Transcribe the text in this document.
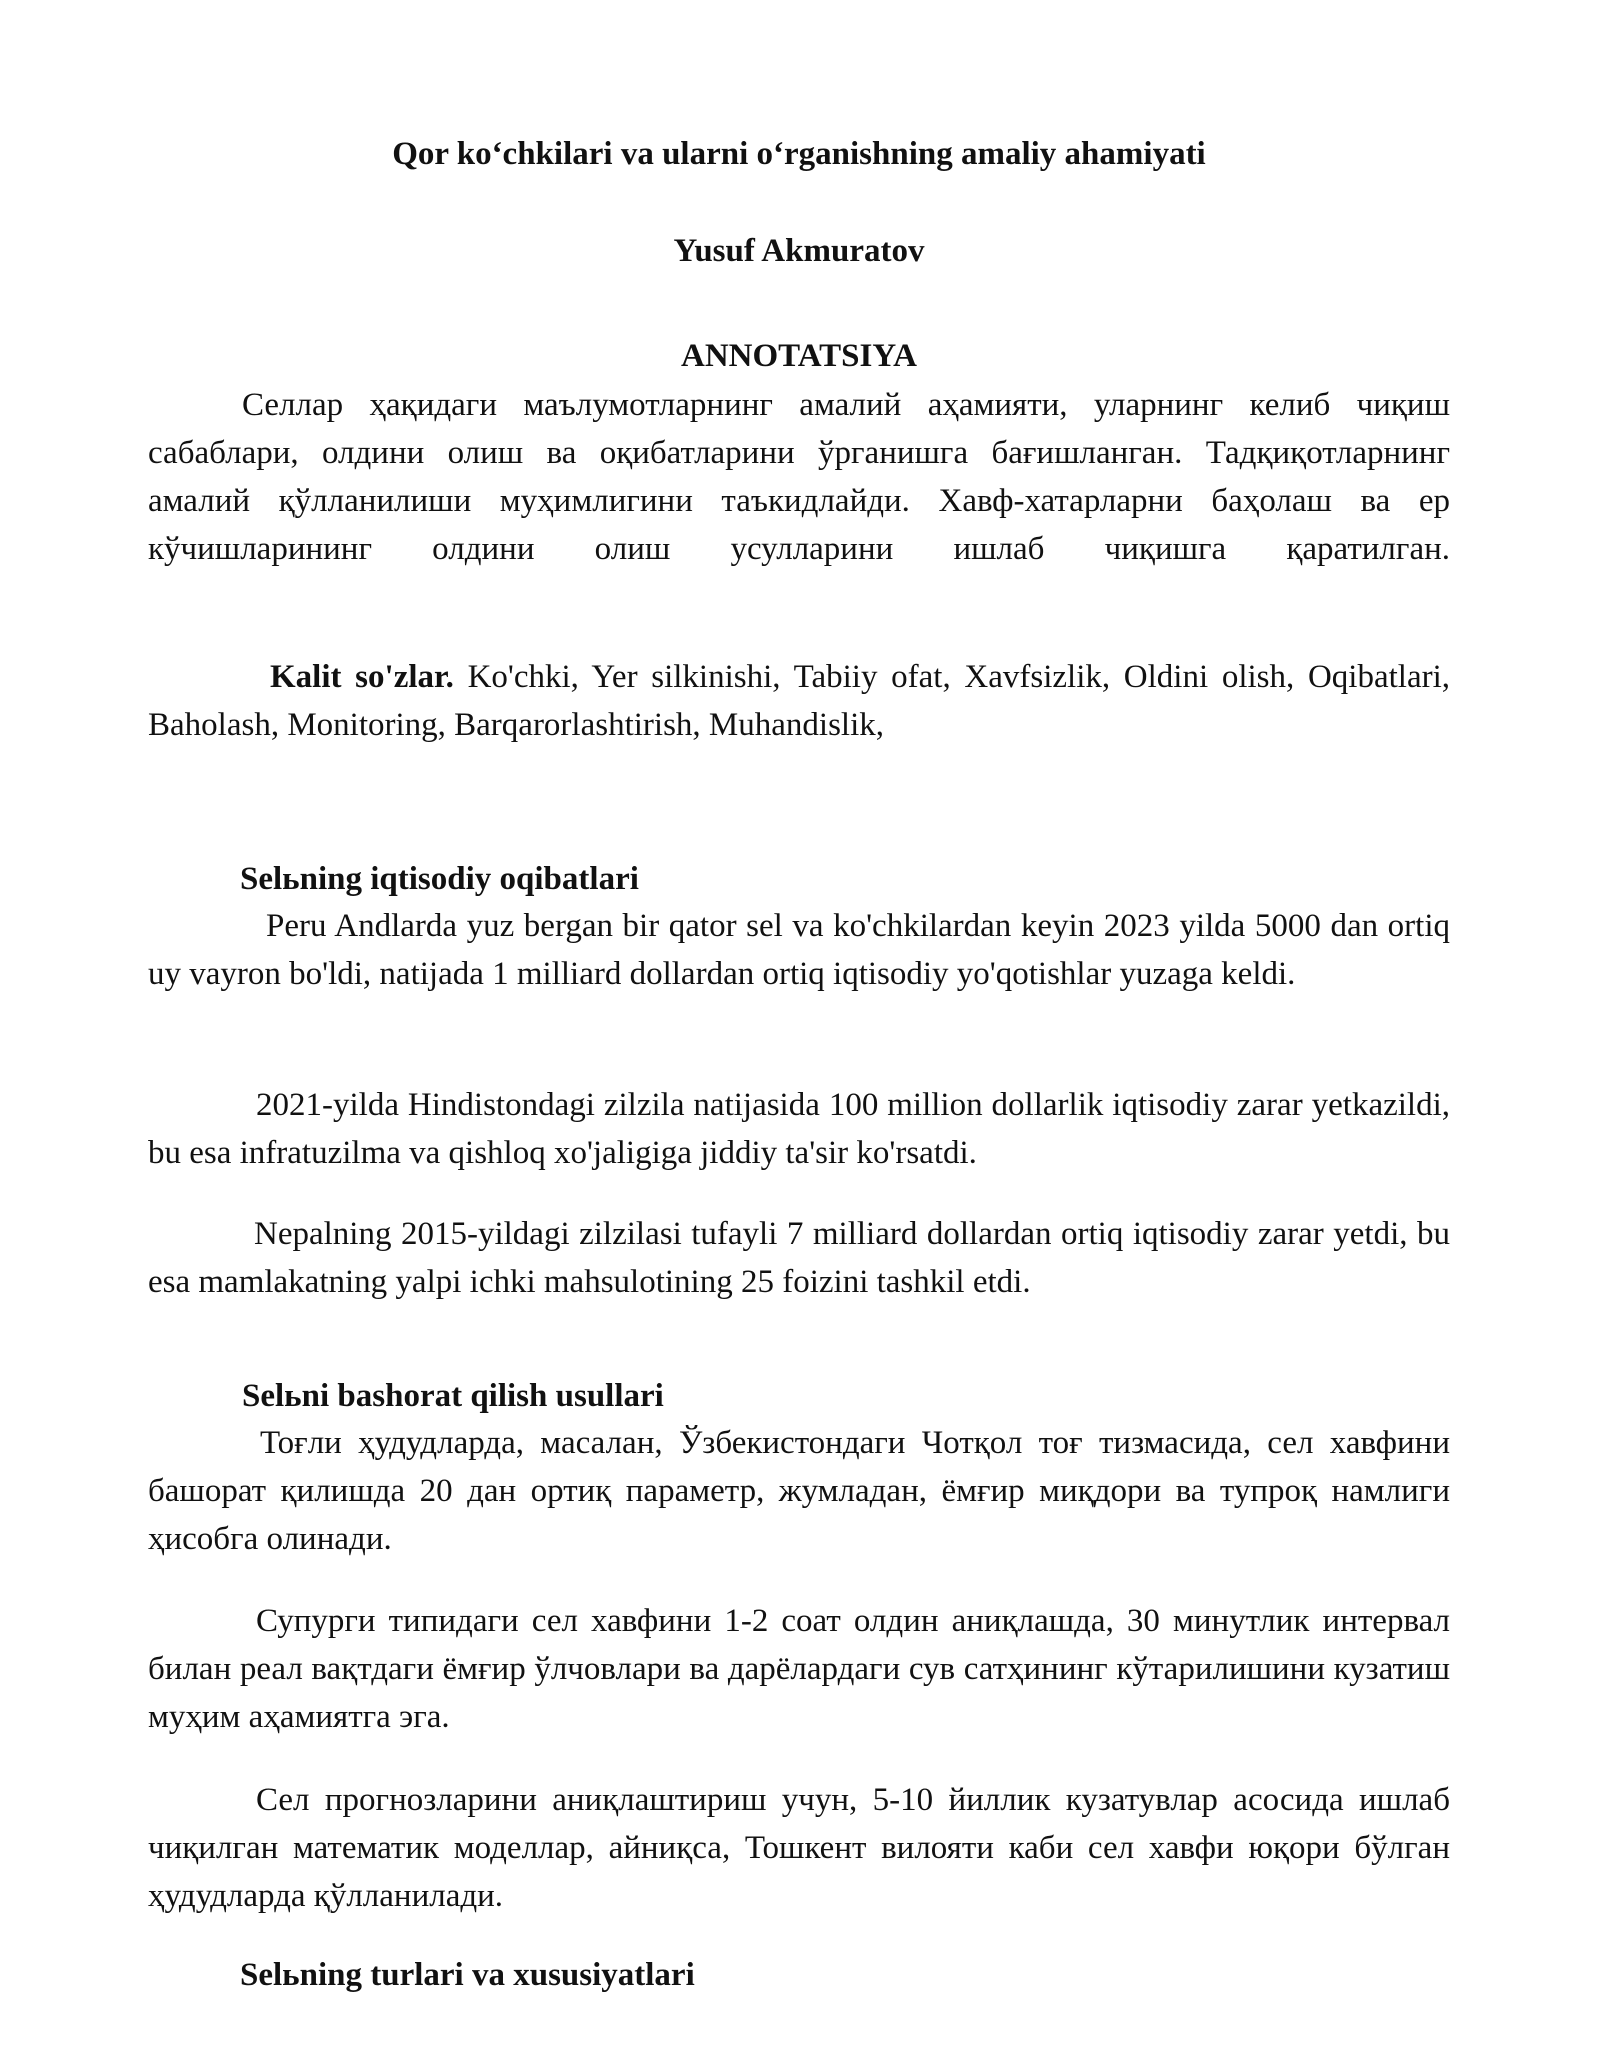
Qor ko‘chkilari va ularni o‘rganishning amaliy ahamiyati
Yusuf Akmuratov
ANNOTATSIYA

Селлар ҳақидаги маълумотларнинг амалий аҳамияти, уларнинг келиб чиқиш сабаблари, олдини олиш ва оқибатларини ўрганишга бағишланган. Тадқиқотларнинг амалий қўлланилиши муҳимлигини таъкидлайди. Хавф-хатарларни баҳолаш ва ер кўчишларининг олдини олиш усулларини ишлаб чиқишга қаратилган.

Kalit so'zlar. Ko'chki, Yer silkinishi, Tabiiy ofat, Xavfsizlik, Oldini olish, Oqibatlari, Baholash, Monitoring, Barqarorlashtirish, Muhandislik,

Selьning iqtisodiy oqibatlari

Peru Andlarda yuz bergan bir qator sel va ko'chkilardan keyin 2023 yilda 5000 dan ortiq uy vayron bo'ldi, natijada 1 milliard dollardan ortiq iqtisodiy yo'qotishlar yuzaga keldi.

2021-yilda Hindistondagi zilzila natijasida 100 million dollarlik iqtisodiy zarar yetkazildi, bu esa infratuzilma va qishloq xo'jaligiga jiddiy ta'sir ko'rsatdi.

Nepalning 2015-yildagi zilzilasi tufayli 7 milliard dollardan ortiq iqtisodiy zarar yetdi, bu esa mamlakatning yalpi ichki mahsulotining 25 foizini tashkil etdi.

Selьni bashorat qilish usullari

Тоғли ҳудудларда, масалан, Ўзбекистондаги Чотқол тоғ тизмасида, сел хавфини башорат қилишда 20 дан ортиқ параметр, жумладан, ёмғир миқдори ва тупроқ намлиги ҳисобга олинади.

Супурги типидаги сел хавфини 1-2 соат олдин аниқлашда, 30 минутлик интервал билан реал вақтдаги ёмғир ўлчовлари ва дарёлардаги сув сатҳининг кўтарилишини кузатиш муҳим аҳамиятга эга.

Сел прогнозларини аниқлаштириш учун, 5-10 йиллик кузатувлар асосида ишлаб чиқилган математик моделлар, айниқса, Тошкент вилояти каби сел хавфи юқори бўлган ҳудудларда қўлланилади.

Selьning turlari va xususiyatlari
